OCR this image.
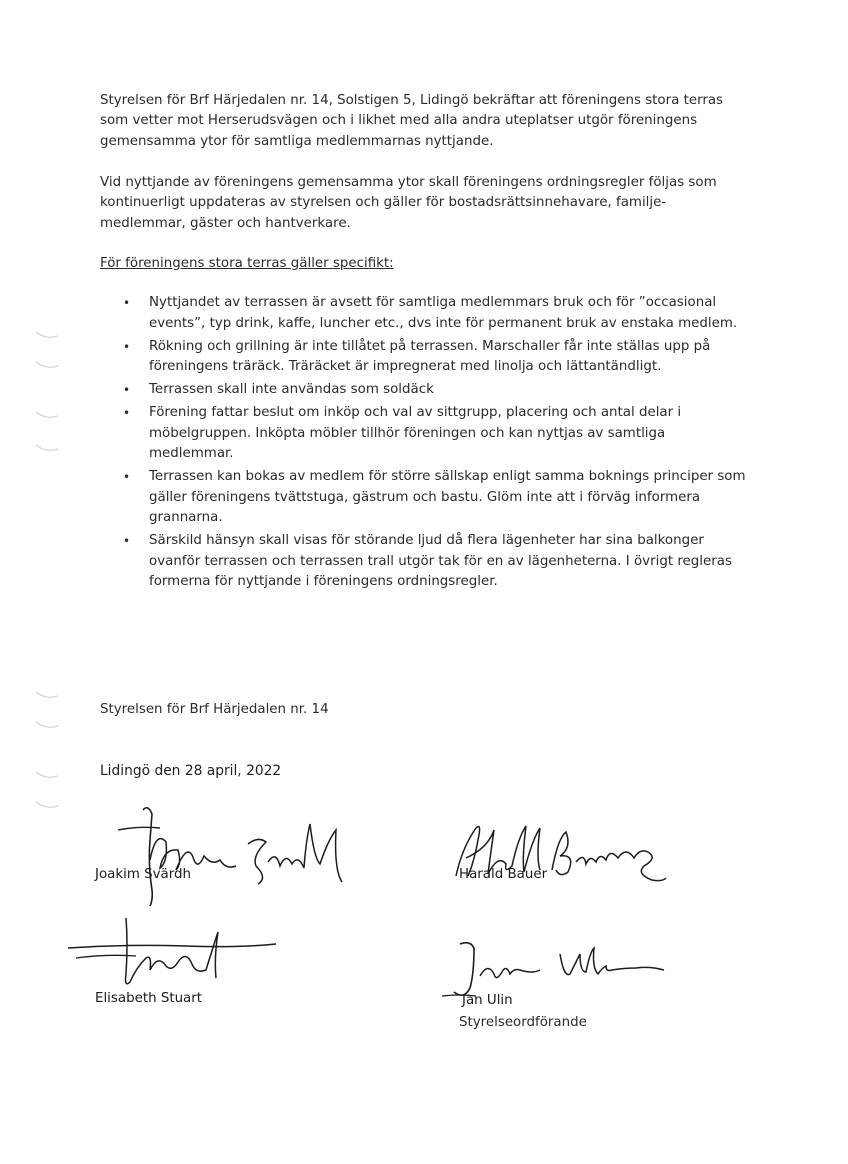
Styrelsen för Brf Härjedalen nr. 14, Solstigen 5, Lidingö bekräftar att föreningens stora terras som vetter mot Herserudsvägen och i likhet med alla andra uteplatser utgör föreningens gemensamma ytor för samtliga medlemmarnas nyttjande.

Vid nyttjande av föreningens gemensamma ytor skall föreningens ordningsregler följas som kontinuerligt uppdateras av styrelsen och gäller för bostadsrättsinnehavare, familje-medlemmar, gäster och hantverkare.

För föreningens stora terras gäller specifikt:

• Nyttjandet av terrassen är avsett för samtliga medlemmars bruk och för ”occasional events”, typ drink, kaffe, luncher etc., dvs inte för permanent bruk av enstaka medlem.
• Rökning och grillning är inte tillåtet på terrassen. Marschaller får inte ställas upp på föreningens träräck. Träräcket är impregnerat med linolja och lättantändligt.
• Terrassen skall inte användas som soldäck
• Förening fattar beslut om inköp och val av sittgrupp, placering och antal delar i möbelgruppen. Inköpta möbler tillhör föreningen och kan nyttjas av samtliga medlemmar.
• Terrassen kan bokas av medlem för större sällskap enligt samma boknings principer som gäller föreningens tvättstuga, gästrum och bastu. Glöm inte att i förväg informera grannarna.
• Särskild hänsyn skall visas för störande ljud då flera lägenheter har sina balkonger ovanför terrassen och terrassen trall utgör tak för en av lägenheterna. I övrigt regleras formerna för nyttjande i föreningens ordningsregler.

Styrelsen för Brf Härjedalen nr. 14

Lidingö den 28 april, 2022

Joakim Svärdh	Harald Bauer

Elisabeth Stuart	Jan Ulin

Styrelseordförande
